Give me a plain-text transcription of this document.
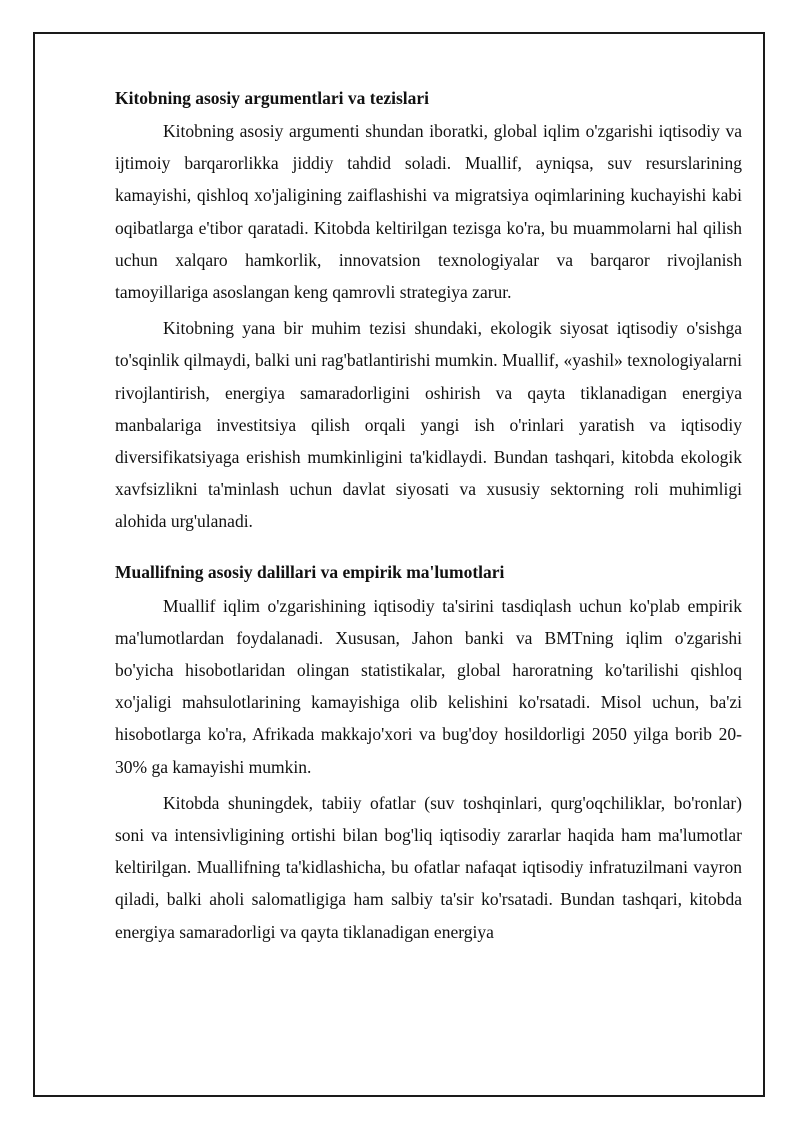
Kitobning asosiy argumentlari va tezislari

Kitobning asosiy argumenti shundan iboratki, global iqlim o'zgarishi iqtisodiy va ijtimoiy barqarorlikka jiddiy tahdid soladi. Muallif, ayniqsa, suv resurslarining kamayishi, qishloq xo'jaligining zaiflashishi va migratsiya oqimlarining kuchayishi kabi oqibatlarga e'tibor qaratadi. Kitobda keltirilgan tezisga ko'ra, bu muammolarni hal qilish uchun xalqaro hamkorlik, innovatsion texnologiyalar va barqaror rivojlanish tamoyillariga asoslangan keng qamrovli strategiya zarur.

Kitobning yana bir muhim tezisi shundaki, ekologik siyosat iqtisodiy o'sishga to'sqinlik qilmaydi, balki uni rag'batlantirishi mumkin. Muallif, «yashil» texnologiyalarni rivojlantirish, energiya samaradorligini oshirish va qayta tiklanadigan energiya manbalariga investitsiya qilish orqali yangi ish o'rinlari yaratish va iqtisodiy diversifikatsiyaga erishish mumkinligini ta'kidlaydi. Bundan tashqari, kitobda ekologik xavfsizlikni ta'minlash uchun davlat siyosati va xususiy sektorning roli muhimligi alohida urg'ulanadi.

Muallifning asosiy dalillari va empirik ma'lumotlari

Muallif iqlim o'zgarishining iqtisodiy ta'sirini tasdiqlash uchun ko'plab empirik ma'lumotlardan foydalanadi. Xususan, Jahon banki va BMTning iqlim o'zgarishi bo'yicha hisobotlaridan olingan statistikalar, global haroratning ko'tarilishi qishloq xo'jaligi mahsulotlarining kamayishiga olib kelishini ko'rsatadi. Misol uchun, ba'zi hisobotlarga ko'ra, Afrikada makkajo'xori va bug'doy hosildorligi 2050 yilga borib 20-30% ga kamayishi mumkin.

Kitobda shuningdek, tabiiy ofatlar (suv toshqinlari, qurg'oqchiliklar, bo'ronlar) soni va intensivligining ortishi bilan bog'liq iqtisodiy zararlar haqida ham ma'lumotlar keltirilgan. Muallifning ta'kidlashicha, bu ofatlar nafaqat iqtisodiy infratuzilmani vayron qiladi, balki aholi salomatligiga ham salbiy ta'sir ko'rsatadi. Bundan tashqari, kitobda energiya samaradorligi va qayta tiklanadigan energiya
